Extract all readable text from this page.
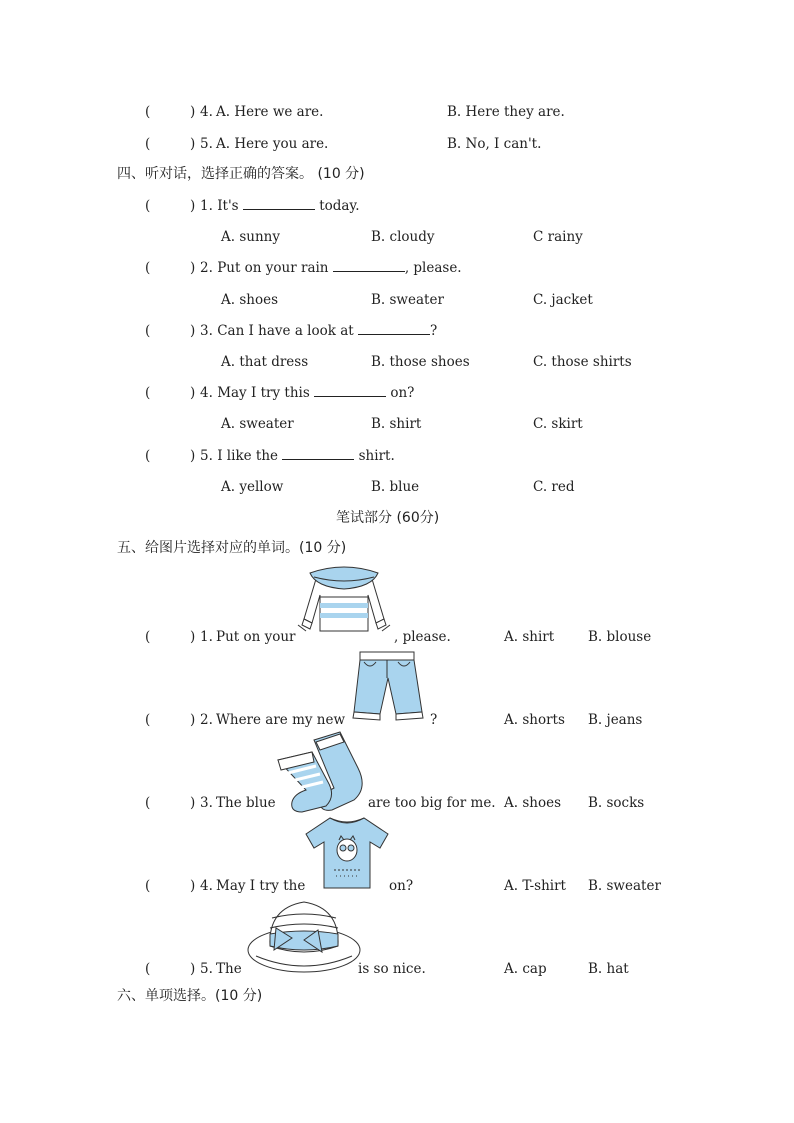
(	) 4. A. Here we are.	B. Here they are.
(	) 5. A. Here you are.	B. No, I can't.
四、听对话，选择正确的答案。 (10 分)
(	) 1. It's	today.
A. sunny	B. cloudy	C rainy
(	) 2. Put on your rain	, please.
A. shoes	B. sweater	C. jacket
(	) 3. Can I have a look at	?
A. that dress	B. those shoes	C. those shirts
(	) 4. May I try this	on?
A. sweater	B. shirt	C. skirt
(	) 5. I like the	shirt.
A. yellow	B. blue	C. red
笔试部分 (60分)
五、给图片选择对应的单词。(10 分)
(	) 1. Put on your	, please.	A. shirt	B. blouse
(	) 2. Where are my new	?	A. shorts B. jeans
(	) 3. The blue	are too big for me. A. shoes B. socks
(	) 4. May I try the	on?	A. T-shirt B. sweater
(	) 5. The	is so nice.	A. cap	B. hat
六、单项选择。(10 分)
